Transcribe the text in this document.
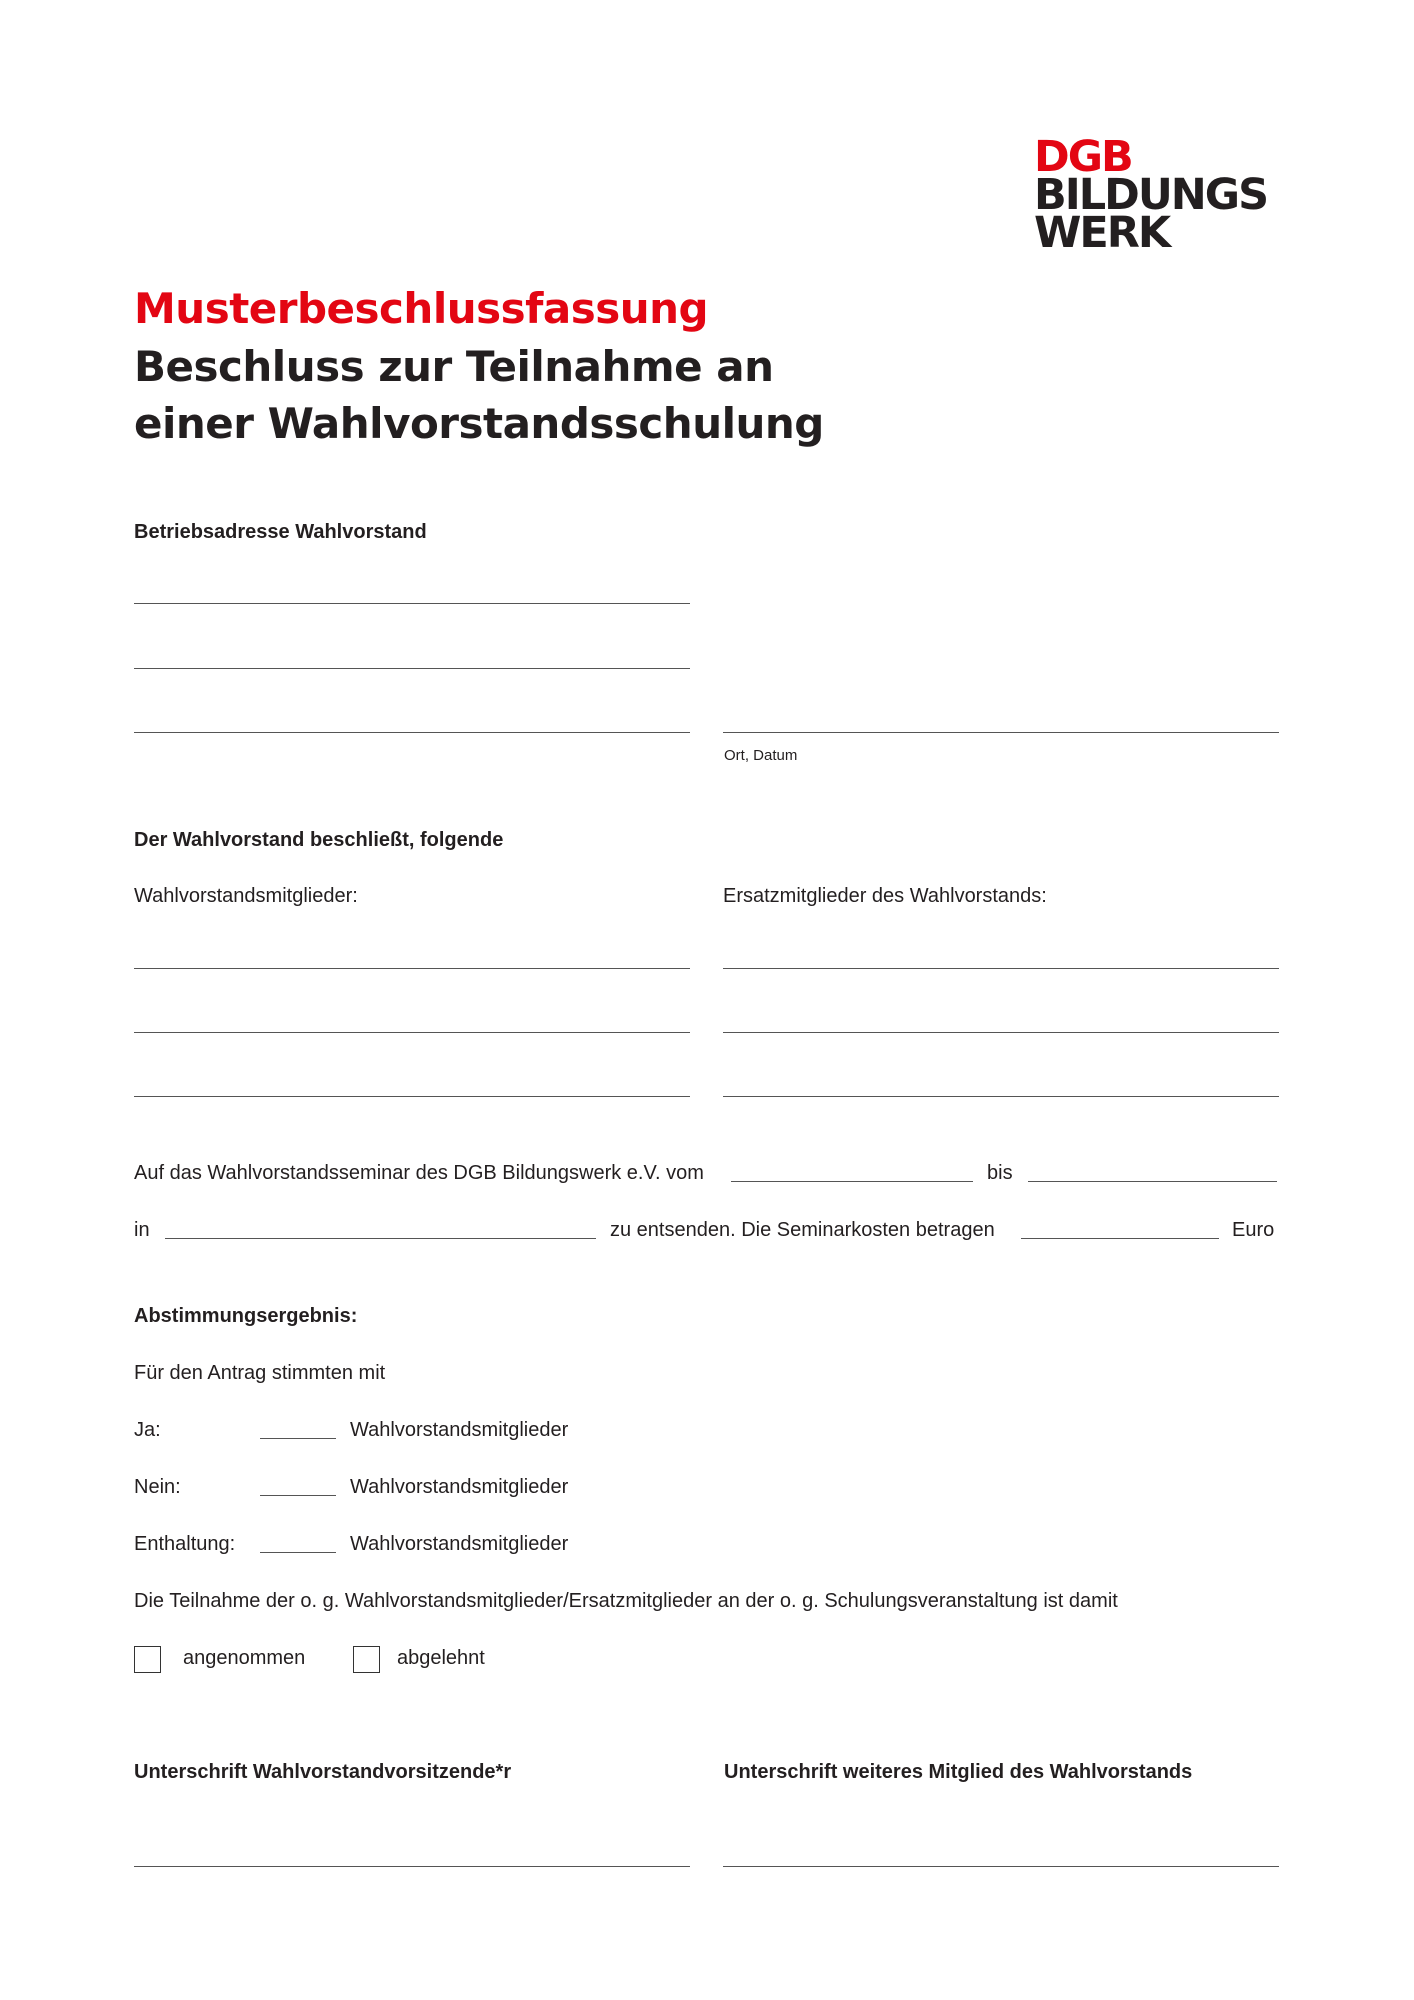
DGB
BILDUNGS
WERK
Musterbeschlussfassung
Beschluss zur Teilnahme an
einer Wahlvorstandsschulung
Betriebsadresse Wahlvorstand
Ort, Datum
Der Wahlvorstand beschließt, folgende
Wahlvorstandsmitglieder:	Ersatzmitglieder des Wahlvorstands:
Auf das Wahlvorstandsseminar des DGB Bildungswerk e.V. vom	bis
in	zu entsenden. Die Seminarkosten betragen	Euro
Abstimmungsergebnis:
Für den Antrag stimmten mit
Ja:	Wahlvorstandsmitglieder
Nein:	Wahlvorstandsmitglieder
Enthaltung:	Wahlvorstandsmitglieder
Die Teilnahme der o. g. Wahlvorstandsmitglieder/Ersatzmitglieder an der o. g. Schulungsveranstaltung ist damit
angenommen	abgelehnt
Unterschrift Wahlvorstandvorsitzende*r	Unterschrift weiteres Mitglied des Wahlvorstands
